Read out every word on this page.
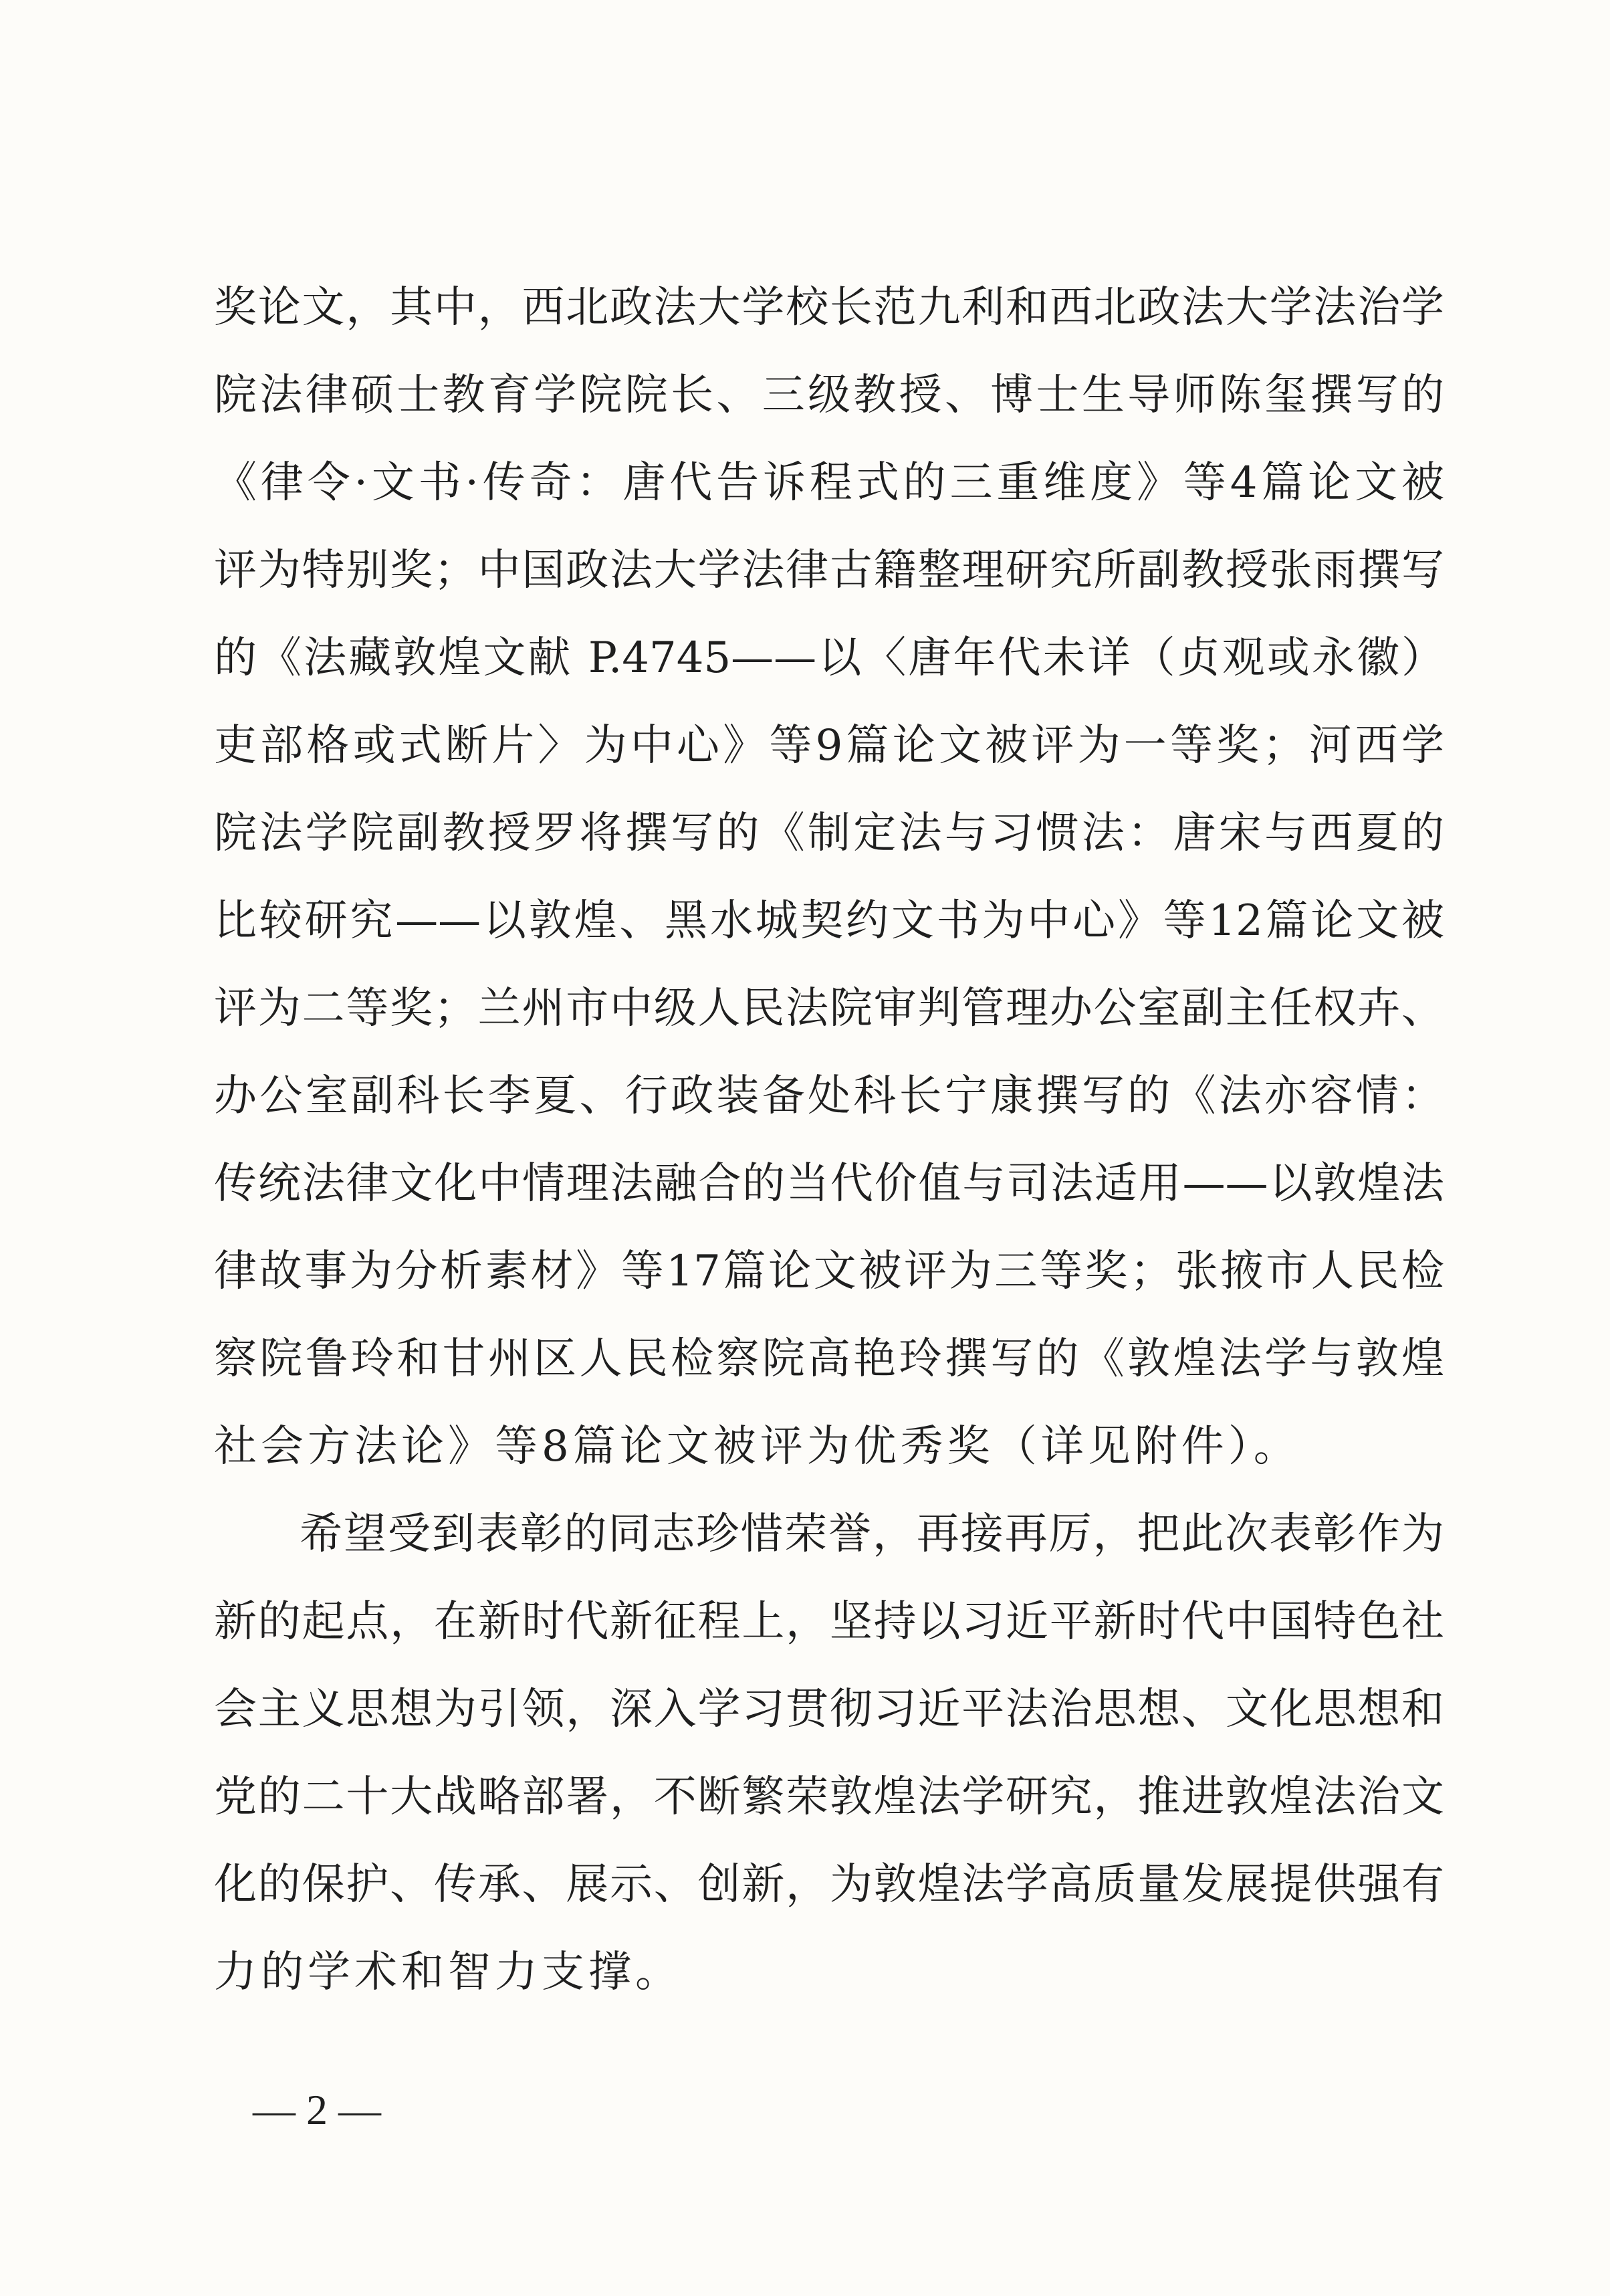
奖论文，其中，西北政法大学校长范九利和西北政法大学法治学
院法律硕士教育学院院长、三级教授、博士生导师陈玺撰写的
《律令·文书·传奇：唐代告诉程式的三重维度》等4篇论文被
评为特别奖；中国政法大学法律古籍整理研究所副教授张雨撰写
的《法藏敦煌文献 P.4745——以〈唐年代未详（贞观或永徽）
吏部格或式断片〉为中心》等9篇论文被评为一等奖；河西学
院法学院副教授罗将撰写的《制定法与习惯法：唐宋与西夏的
比较研究——以敦煌、黑水城契约文书为中心》等12篇论文被
评为二等奖；兰州市中级人民法院审判管理办公室副主任权卉、
办公室副科长李夏、行政装备处科长宁康撰写的《法亦容情：
传统法律文化中情理法融合的当代价值与司法适用——以敦煌法
律故事为分析素材》等17篇论文被评为三等奖；张掖市人民检
察院鲁玲和甘州区人民检察院高艳玲撰写的《敦煌法学与敦煌
社会方法论》等8篇论文被评为优秀奖（详见附件）。
希望受到表彰的同志珍惜荣誉，再接再厉，把此次表彰作为
新的起点，在新时代新征程上，坚持以习近平新时代中国特色社
会主义思想为引领，深入学习贯彻习近平法治思想、文化思想和
党的二十大战略部署，不断繁荣敦煌法学研究，推进敦煌法治文
化的保护、传承、展示、创新，为敦煌法学高质量发展提供强有
力的学术和智力支撑。
— 2 —
